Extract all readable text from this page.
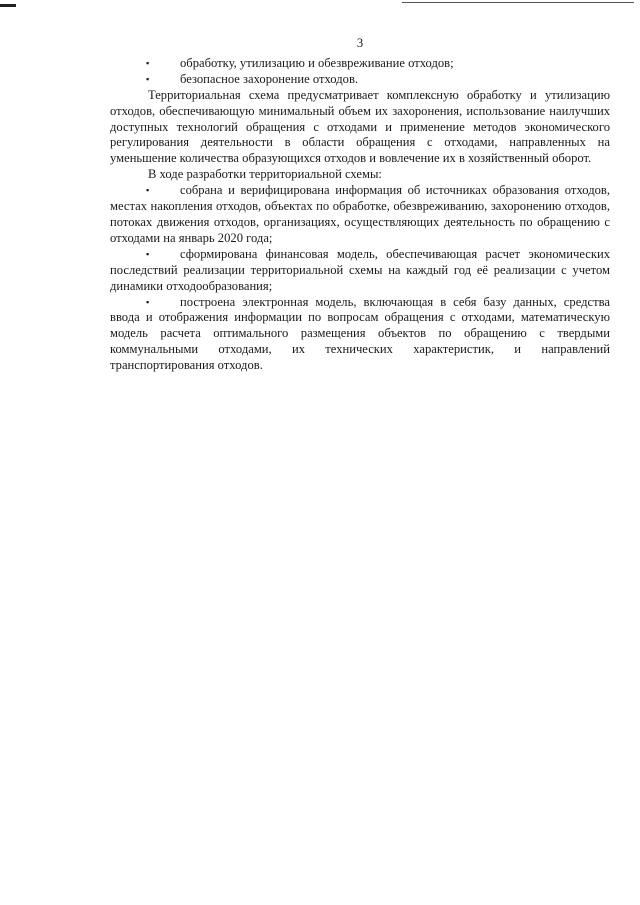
3

▪ обработку, утилизацию и обезвреживание отходов;

▪ безопасное захоронение отходов.

Территориальная схема предусматривает комплексную обработку и утилизацию отходов, обеспечивающую минимальный объем их захоронения, использование наилучших доступных технологий обращения с отходами и применение методов экономического регулирования деятельности в области обращения с отходами, направленных на уменьшение количества образующихся отходов и вовлечение их в хозяйственный оборот.

В ходе разработки территориальной схемы:

▪ собрана и верифицирована информация об источниках образования отходов, местах накопления отходов, объектах по обработке, обезвреживанию, захоронению отходов, потоках движения отходов, организациях, осуществляющих деятельность по обращению с отходами на январь 2020 года;

▪ сформирована финансовая модель, обеспечивающая расчет экономических последствий реализации территориальной схемы на каждый год её реализации с учетом динамики отходообразования;

▪ построена электронная модель, включающая в себя базу данных, средства ввода и отображения информации по вопросам обращения с отходами, математическую модель расчета оптимального размещения объектов по обращению с твердыми коммунальными отходами, их технических характеристик, и направлений транспортирования отходов.
